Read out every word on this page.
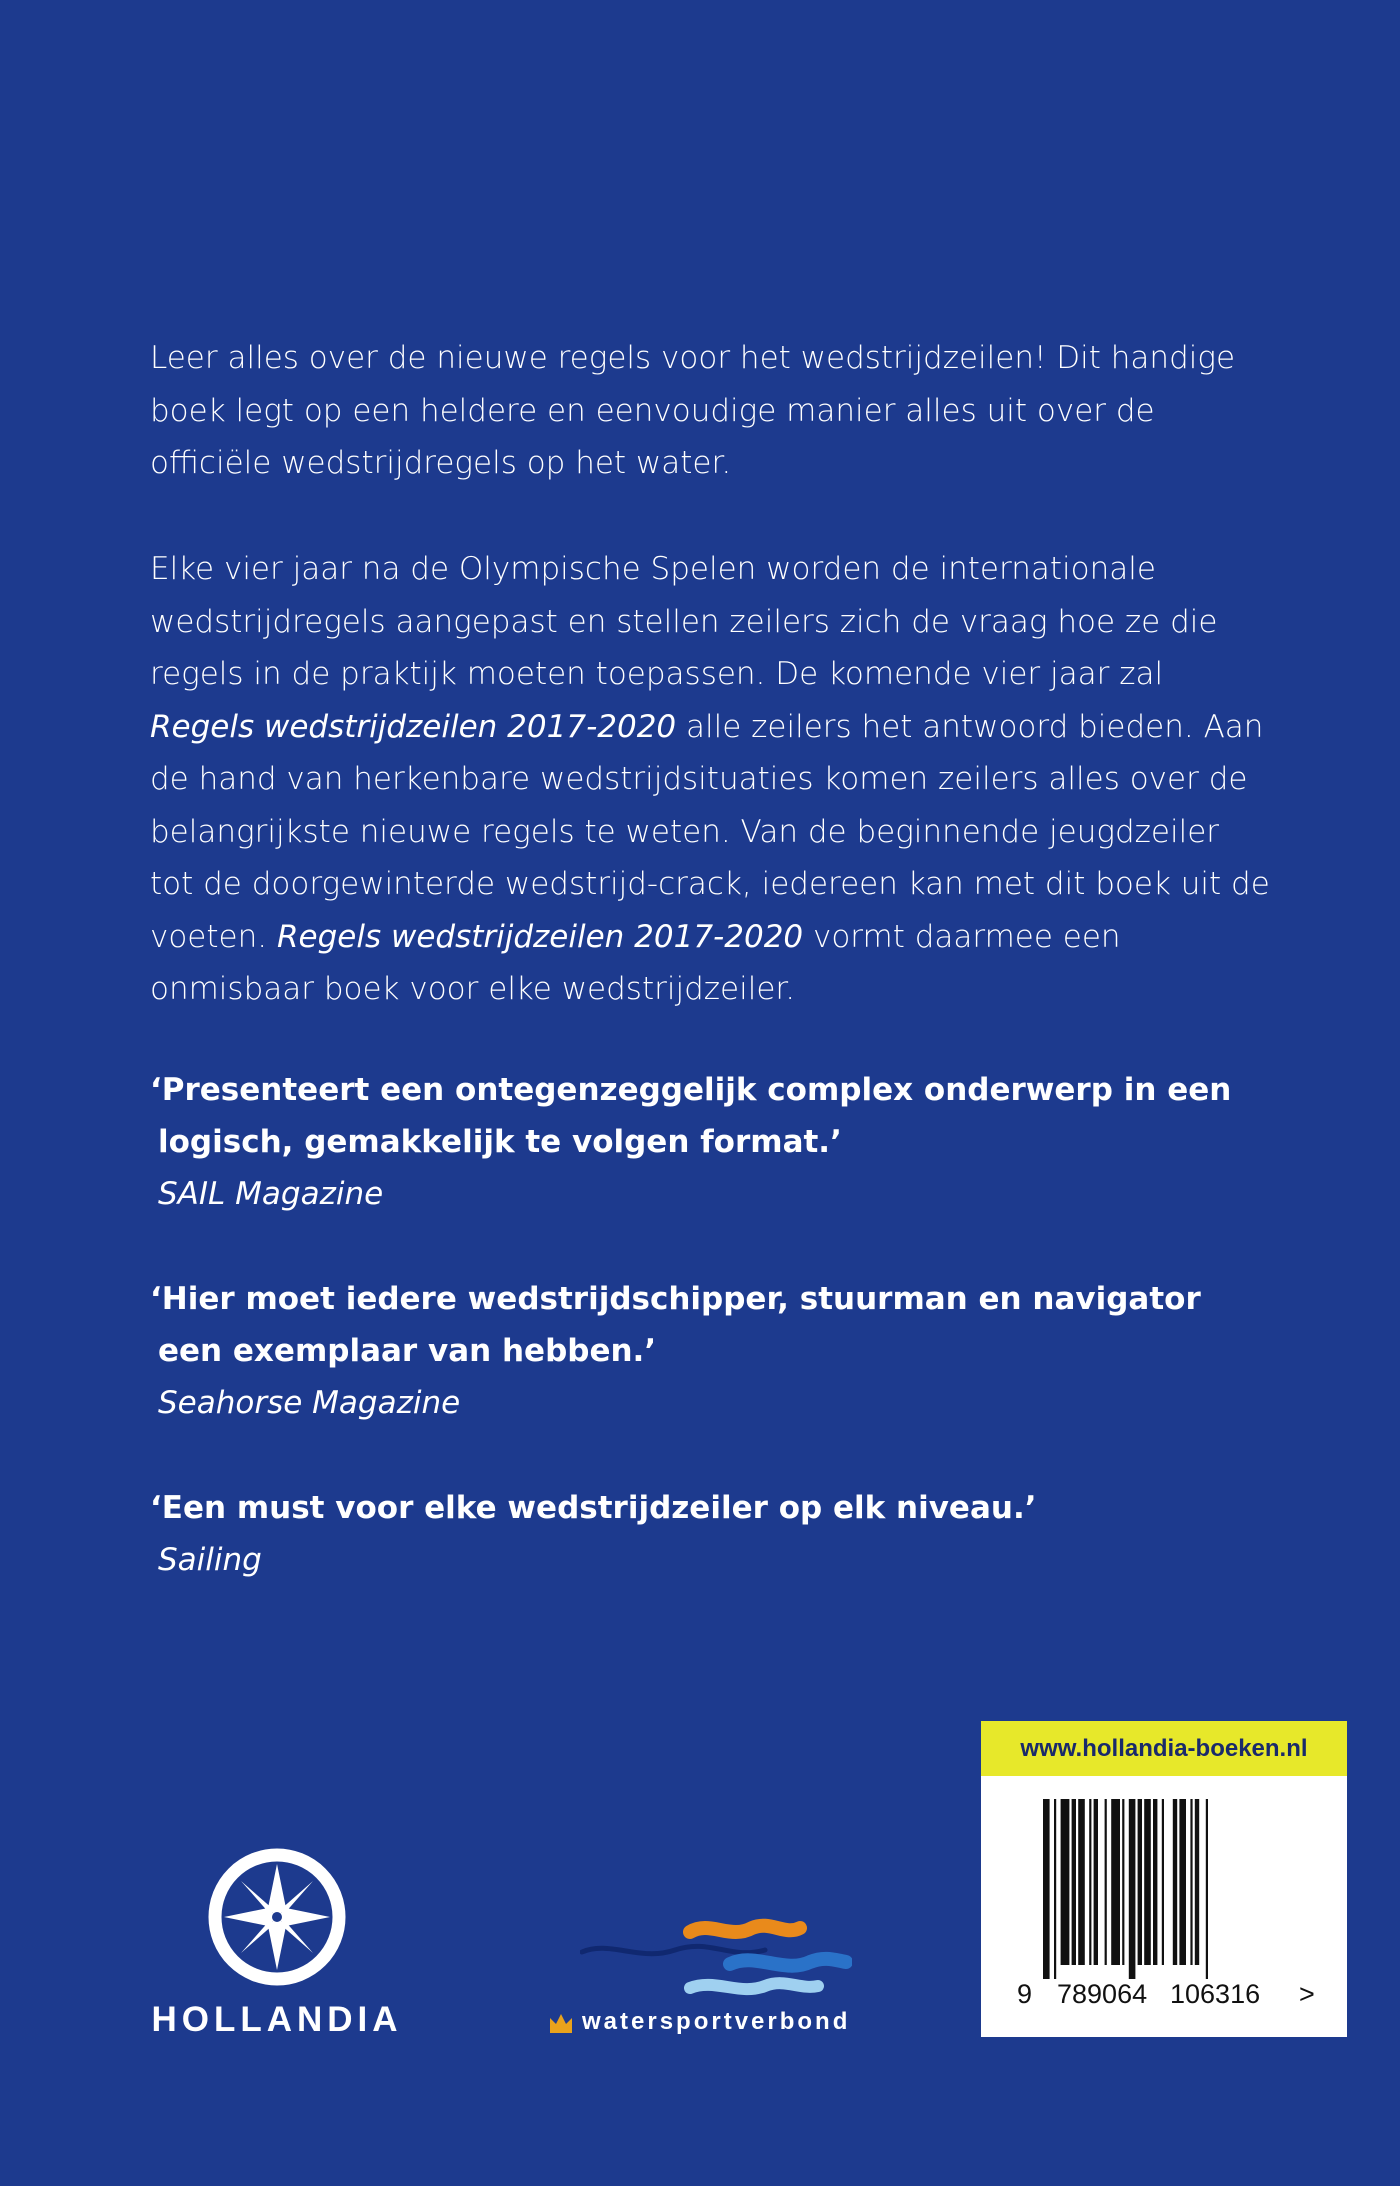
Leer alles over de nieuwe regels voor het wedstrijdzeilen! Dit handige boek legt op een heldere en eenvoudige manier alles uit over de officiële wedstrijdregels op het water.

Elke vier jaar na de Olympische Spelen worden de internationale wedstrijdregels aangepast en stellen zeilers zich de vraag hoe ze die regels in de praktijk moeten toepassen. De komende vier jaar zal Regels wedstrijdzeilen 2017-2020 alle zeilers het antwoord bieden. Aan de hand van herkenbare wedstrijdsituaties komen zeilers alles over de belangrijkste nieuwe regels te weten. Van de beginnende jeugdzeiler tot de doorgewinterde wedstrijd-crack, iedereen kan met dit boek uit de voeten. Regels wedstrijdzeilen 2017-2020 vormt daarmee een onmisbaar boek voor elke wedstrijdzeiler.

‘Presenteert een ontegenzeggelijk complex onderwerp in een
logisch, gemakkelijk te volgen format.’

SAIL Magazine

‘Hier moet iedere wedstrijdschipper, stuurman en navigator
een exemplaar van hebben.’

Seahorse Magazine

‘Een must voor elke wedstrijdzeiler op elk niveau.’

Sailing

HOLLANDIA	watersportverbond
www.hollandia-boeken.nl
9 789064 106316 >
